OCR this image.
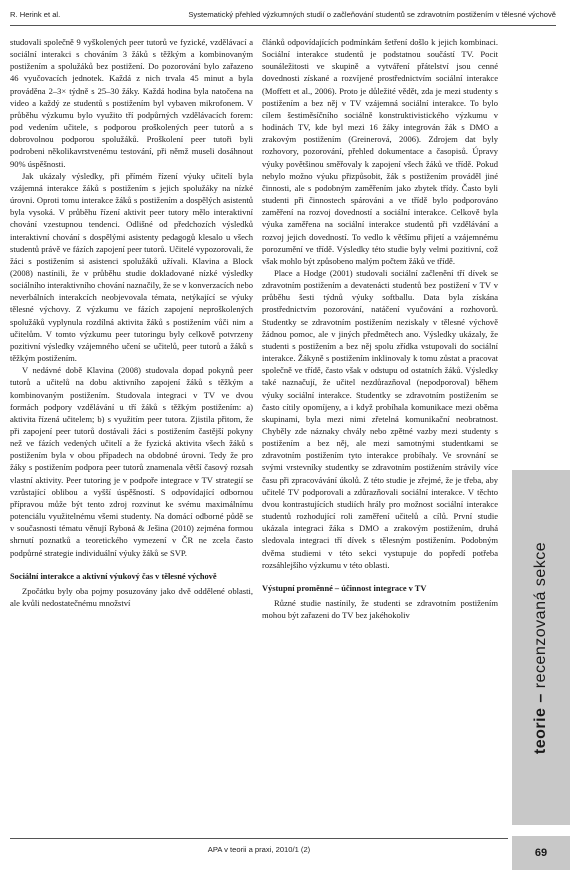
R. Herink et al.	Systematický přehled výzkumných studií o začleňování studentů se zdravotním postižením v tělesné výchově

studovali společně 9 vyškolených peer tutorů ve fyzické, vzdělávací a sociální interakci s chováním 3 žáků s těžkým a kombinovaným postižením a spolužáků bez postižení. Do pozorování bylo zařazeno 46 vyučovacích jednotek. Každá z nich trvala 45 minut a byla prováděna 2–3× týdně s 25–30 žáky. Každá hodina byla natočena na video a každý ze studentů s postižením byl vybaven mikrofonem. V průběhu výzkumu bylo využito tří podpůrných vzdělávacích forem: pod vedením učitele, s podporou proškolených peer tutorů a s dobrovolnou podporou spolužáků. Proškolení peer tutoři byli podrobeni několikavrstvenému testování, při němž museli dosáhnout 90% úspěšnosti.

Jak ukázaly výsledky, při přímém řízení výuky učitelí byla vzájemná interakce žáků s postižením s jejich spolužáky na nízké úrovni. Oproti tomu interakce žáků s postižením a dospělých asistentů byla vysoká. V průběhu řízení aktivit peer tutory mělo interaktivní chování vzestupnou tendenci. Odlišné od předchozích výsledků interaktivní chování s dospělými asistenty pedagogů klesalo u všech studentů právě ve fázích zapojení peer tutorů. Učitelé vypozorovali, že žáci s postižením si asistenci spolužáků užívali. Klavina a Block (2008) nastínili, že v průběhu studie dokladované nízké výsledky sociálního interaktivního chování naznačily, že se v konverzacích nebo neverbálních interakcích neobjevovala témata, netýkající se výuky tělesné výchovy. Z výzkumu ve fázích zapojení neproškolených spolužáků vyplynula rozdílná aktivita žáků s postižením vůči nim a učitelům. V tomto výzkumu peer tutoringu byly celkově potvrzeny pozitivní výsledky vzájemného učení se učitelů, peer tutorů a žáků s těžkým postižením.

V nedávné době Klavina (2008) studovala dopad pokynů peer tutorů a učitelů na dobu aktivního zapojení žáků s těžkým a kombinovaným postižením. Studovala integraci v TV ve dvou formách podpory vzdělávání u tří žáků s těžkým postižením: a) aktivita řízená učitelem; b) s využitím peer tutora. Zjistila přitom, že při zapojení peer tutorů dostávali žáci s postižením častější pokyny než ve fázích vedených učitelí a že fyzická aktivita všech žáků s postižením byla v obou případech na obdobné úrovni. Tedy že pro žáky s postižením podpora peer tutorů znamenala větší časový rozsah vlastní aktivity. Peer tutoring je v podpoře integrace v TV strategií se vzrůstající oblibou a vyšší úspěšností. S odpovídající odbornou přípravou může být tento zdroj rozvinut ke svému maximálnímu potenciálu využitelnému všemi studenty. Na domácí odborné půdě se v současnosti tématu věnují Ryboвá & Ješina (2010) zejména formou shrnutí poznatků a teoretického vymezení v ČR ne zcela často podpůrné strategie individuální výuky žáků se SVP.

Sociální interakce a aktivní výukový čas v tělesné výchově

Zpočátku byly oba pojmy posuzovány jako dvě oddělené oblasti, ale kvůli nedostatečnému množství

článků odpovídajících podmínkám šetření došlo k jejich kombinaci. Sociální interakce studentů je podstatnou součástí TV. Pocit sounáležitosti ve skupině a vytváření přátelství jsou cenné dovednosti získané a rozvíjené prostřednictvím sociální interakce (Moffett et al., 2006). Proto je důležité vědět, zda je mezi studenty s postižením a bez něj v TV vzájemná sociální interakce. To bylo cílem šestiměsíčního sociálně konstruktivistického výzkumu v hodinách TV, kde byl mezi 16 žáky integrován žák s DMO a zrakovým postižením (Greinerová, 2006). Zdrojem dat byly rozhovory, pozorování, přehled dokumentace a časopisů. Úpravy výuky povětšinou směřovaly k zapojení všech žáků ve třídě. Pokud nebylo možno výuku přizpůsobit, žák s postižením prováděl jiné činnosti, ale s podobným zaměřením jako zbytek třídy. Často byli studenti při činnostech spárováni a ve třídě bylo podporováno zaměření na rozvoj dovedností a sociální interakce. Celkově byla výuka zaměřena na sociální interakce studentů při vzdělávání a rozvoj jejich dovedností. To vedlo k většímu přijetí a vzájemnému porozumění ve třídě. Výsledky této studie byly velmi pozitivní, což však mohlo být způsobeno malým počtem žáků ve třídě.

Place a Hodge (2001) studovali sociální začlenění tří dívek se zdravotním postižením a devatenácti studentů bez postižení v TV v průběhu šesti týdnů výuky softballu. Data byla získána prostřednictvím pozorování, natáčení vyučování a rozhovorů. Studentky se zdravotním postižením neziskaly v tělesné výchově žádnou pomoc, ale v jiných předmětech ano. Výsledky ukázaly, že studenti s postižením a bez něj spolu zřídka vstupovali do sociální interakce. Žákyně s postižením inklinovaly k tomu zůstat a pracovat společně ve třídě, často však v odstupu od ostatních žáků. Výsledky také naznačují, že učitel nezdůrazňoval (nepodporoval) během výuky sociální interakce. Studentky se zdravotním postižením se často cítily opomíjeny, a i když probíhala komunikace mezi oběma skupinami, byla mezi nimi zřetelná komunikační neobratnost. Chyběly zde náznaky chvály nebo zpětné vazby mezi studenty s postižením a bez něj, ale mezi samotnými studentkami se zdravotním postižením tyto interakce probíhaly. Ve srovnání se svými vrstevníky studentky se zdravotním postižením strávily více času při zpracovávání úkolů. Z této studie je zřejmé, že je třeba, aby učitelé TV podporovali a zdůrazňovali sociální interakce. V těchto dvou kontrastujících studiích hrály pro možnost sociální interakce studentů rozhodující roli zaměření učitelů a cílů. První studie ukázala integraci žáka s DMO a zrakovým postižením, druhá sledovala integraci tří dívek s tělesným postižením. Podobným dvěma studiemi v této sekci vystupuje do popředí potřeba rozsáhlejšího výzkumu v této oblasti.

Výstupní proměnné – účinnost integrace v TV

Různé studie nastínily, že studenti se zdravotním postižením mohou být zařazeni do TV bez jakéhokoliv

teorie – recenzovaná sekce
APA v teorii a praxi, 2010/1 (2)	69
